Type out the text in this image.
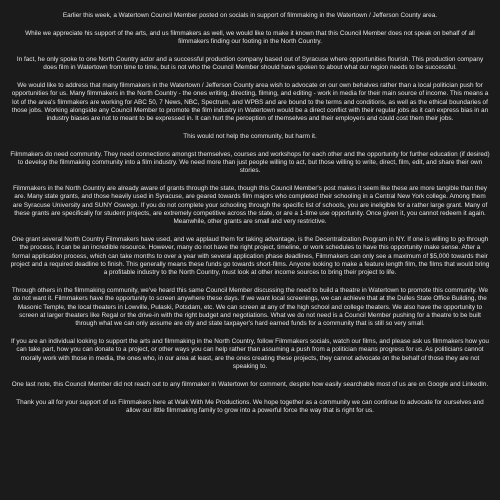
Earlier this week, a Watertown Council Member posted on socials in support of filmmaking in the Watertown / Jefferson County area.

While we appreciate his support of the arts, and us filmmakers as well, we would like to make it known that this Council Member does not speak on behalf of all filmmakers finding our footing in the North Country.

In fact, he only spoke to one North Country actor and a successful production company based out of Syracuse where opportunities flourish. This production company does film in Watertown from time to time, but is not who the Council Member should have spoken to about what our region needs to be successful.

We would like to address that many filmmakers in the Watertown / Jefferson County area wish to advocate on our own behalves rather than a local politician push for opportunities for us. Many filmmakers in the North Country - the ones writing, directing, filming, and editing - work in media for their main source of income. This means a lot of the area's filmmakers are working for ABC 50, 7 News, NBC, Spectrum, and WPBS and are bound to the terms and conditions, as well as the ethical boundaries of those jobs. Working alongside any Council Member to promote the film industry in Watertown would be a direct conflict with their regular jobs as it can express bias in an industry biases are not to meant to be expressed in. It can hurt the perception of themselves and their employers and could cost them their jobs.

This would not help the community, but harm it.

Filmmakers do need community. They need connections amongst themselves, courses and workshops for each other and the opportunity for further education (if desired) to develop the filmmaking community into a film industry. We need more than just people willing to act, but those willing to write, direct, film, edit, and share their own stories.

Filmmakers in the North Country are already aware of grants through the state, though this Council Member's post makes it seem like these are more tangible than they are. Many state grants, and those heavily used in Syracuse, are geared towards film majors who completed their schooling in a Central New York college. Among them are Syracuse University and SUNY Oswego. If you do not complete your schooling through the specific list of schools, you are ineligible for a rather large grant. Many of these grants are specifically for student projects, are extremely competitive across the state, or are a 1-time use opportunity. Once given it, you cannot redeem it again. Meanwhile, other grants are small and very restrictive.

One grant several North Country Filmmakers have used, and we applaud them for taking advantage, is the Decentralization Program in NY. If one is willing to go through the process, it can be an incredible resource. However, many do not have the right project, timeline, or work schedules to have this opportunity make sense. After a formal application process, which can take months to over a year with several application phase deadlines, Filmmakers can only see a maximum of $5,000 towards their project and a required deadline to finish. This generally means these funds go towards short-films. Anyone looking to make a feature length film, the films that would bring a profitable industry to the North Country, must look at other income sources to bring their project to life.

Through others in the filmmaking community, we've heard this same Council Member discussing the need to build a theatre in Watertown to promote this community. We do not want it. Filmmakers have the opportunity to screen anywhere these days. If we want local screenings, we can achieve that at the Dulles State Office Building, the Masonic Temple, the local theaters in Lowville, Pulaski, Potsdam, etc. We can screen at any of the high school and college theaters. We also have the opportunity to screen at larger theaters like Regal or the drive-in with the right budget and negotiations. What we do not need is a Council Member pushing for a theatre to be built through what we can only assume are city and state taxpayer's hard earned funds for a community that is still so very small.

If you are an individual looking to support the arts and filmmaking in the North Country, follow Filmmakers socials, watch our films, and please ask us filmmakers how you can take part, how you can donate to a project, or other ways you can help rather than assuming a push from a politician means progress for us. As politicians cannot morally work with those in media, the ones who, in our area at least, are the ones creating these projects, they cannot advocate on the behalf of those they are not speaking to.

One last note, this Council Member did not reach out to any filmmaker in Watertown for comment, despite how easily searchable most of us are on Google and LinkedIn.

Thank you all for your support of us Filmmakers here at Walk With Me Productions. We hope together as a community we can continue to advocate for ourselves and allow our little filmmaking family to grow into a powerful force the way that is right for us.
